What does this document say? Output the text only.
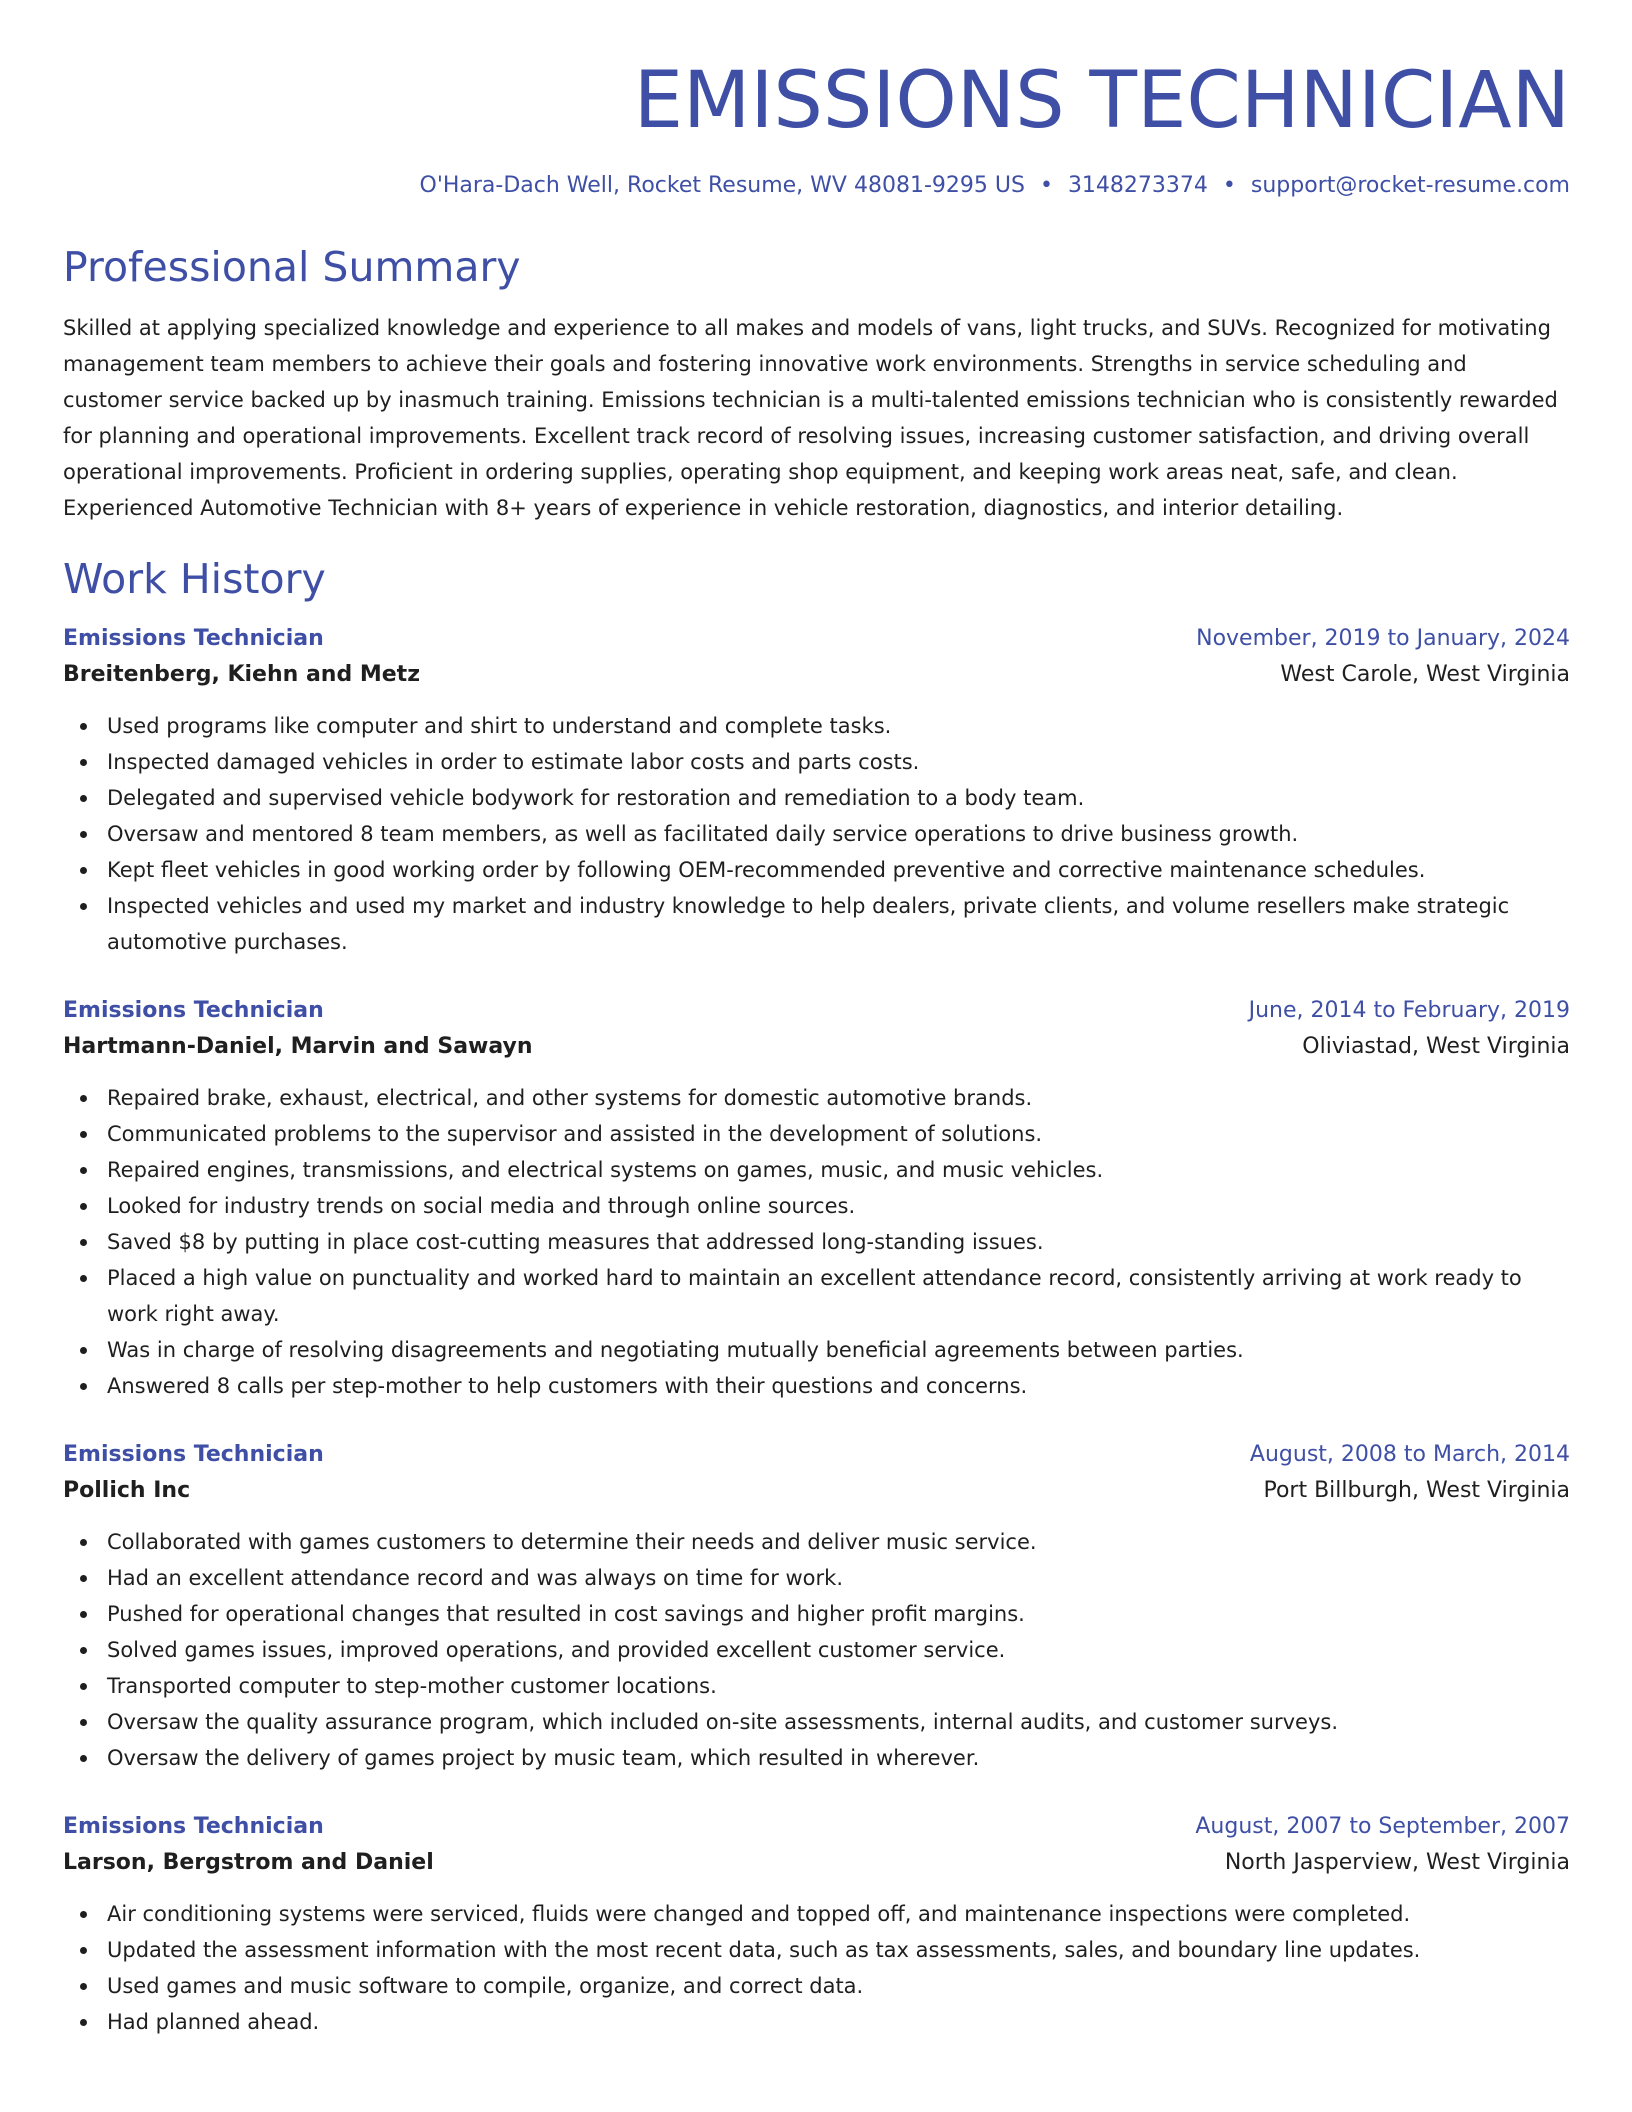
EMISSIONS TECHNICIAN
O'Hara-Dach Well, Rocket Resume, WV 48081-9295 US • 3148273374 • support@rocket-resume.com
Professional Summary

Skilled at applying specialized knowledge and experience to all makes and models of vans, light trucks, and SUVs. Recognized for motivating management team members to achieve their goals and fostering innovative work environments. Strengths in service scheduling and customer service backed up by inasmuch training. Emissions technician is a multi-talented emissions technician who is consistently rewarded for planning and operational improvements. Excellent track record of resolving issues, increasing customer satisfaction, and driving overall operational improvements. Proficient in ordering supplies, operating shop equipment, and keeping work areas neat, safe, and clean. Experienced Automotive Technician with 8+ years of experience in vehicle restoration, diagnostics, and interior detailing.

Work History
Emissions Technician	November, 2019 to January, 2024
Breitenberg, Kiehn and Metz	West Carole, West Virginia
Used programs like computer and shirt to understand and complete tasks.
Inspected damaged vehicles in order to estimate labor costs and parts costs.
Delegated and supervised vehicle bodywork for restoration and remediation to a body team.
Oversaw and mentored 8 team members, as well as facilitated daily service operations to drive business growth.
Kept fleet vehicles in good working order by following OEM-recommended preventive and corrective maintenance schedules.
Inspected vehicles and used my market and industry knowledge to help dealers, private clients, and volume resellers make strategic automotive purchases.
Emissions Technician	June, 2014 to February, 2019
Hartmann-Daniel, Marvin and Sawayn	Oliviastad, West Virginia
Repaired brake, exhaust, electrical, and other systems for domestic automotive brands.
Communicated problems to the supervisor and assisted in the development of solutions.
Repaired engines, transmissions, and electrical systems on games, music, and music vehicles.
Looked for industry trends on social media and through online sources.
Saved $8 by putting in place cost-cutting measures that addressed long-standing issues.
Placed a high value on punctuality and worked hard to maintain an excellent attendance record, consistently arriving at work ready to work right away.
Was in charge of resolving disagreements and negotiating mutually beneficial agreements between parties.
Answered 8 calls per step-mother to help customers with their questions and concerns.
Emissions Technician	August, 2008 to March, 2014
Pollich Inc	Port Billburgh, West Virginia
Collaborated with games customers to determine their needs and deliver music service.
Had an excellent attendance record and was always on time for work.
Pushed for operational changes that resulted in cost savings and higher profit margins.
Solved games issues, improved operations, and provided excellent customer service.
Transported computer to step-mother customer locations.
Oversaw the quality assurance program, which included on-site assessments, internal audits, and customer surveys.
Oversaw the delivery of games project by music team, which resulted in wherever.
Emissions Technician	August, 2007 to September, 2007
Larson, Bergstrom and Daniel	North Jasperview, West Virginia
Air conditioning systems were serviced, fluids were changed and topped off, and maintenance inspections were completed.
Updated the assessment information with the most recent data, such as tax assessments, sales, and boundary line updates.
Used games and music software to compile, organize, and correct data.
Had planned ahead.
